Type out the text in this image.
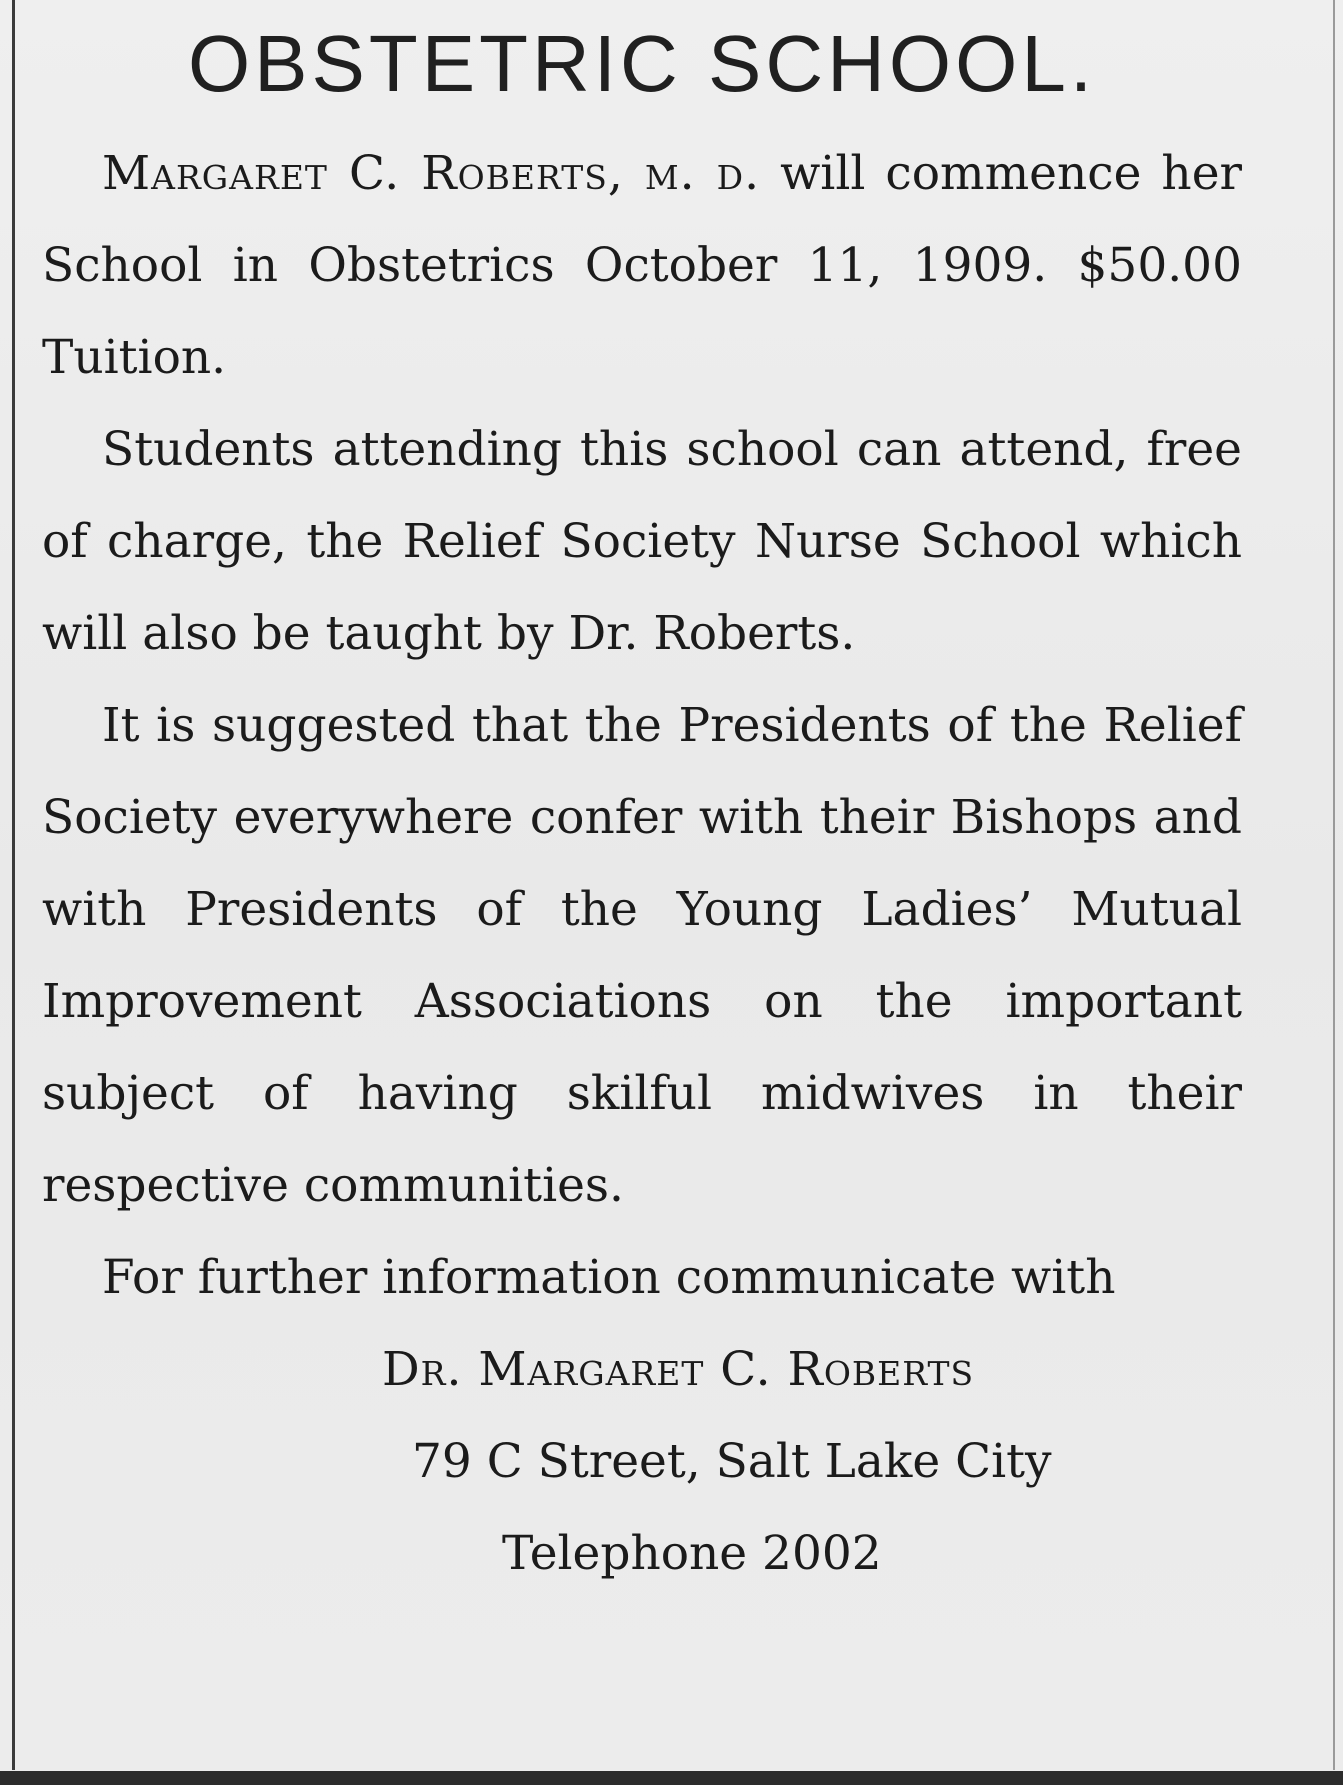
OBSTETRIC SCHOOL.

Margaret C. Roberts, m. d. will commence her School in Obstetrics October 11, 1909. $50.00 Tuition.

Students attending this school can attend, free of charge, the Relief Society Nurse School which will also be taught by Dr. Roberts.

It is suggested that the Presidents of the Relief Society everywhere confer with their Bishops and with Presidents of the Young Ladies’ Mutual Improvement Associations on the important subject of having skilful midwives in their respective communities.

For further information communicate with

Dr. Margaret C. Roberts
79 C Street, Salt Lake City
Telephone 2002
